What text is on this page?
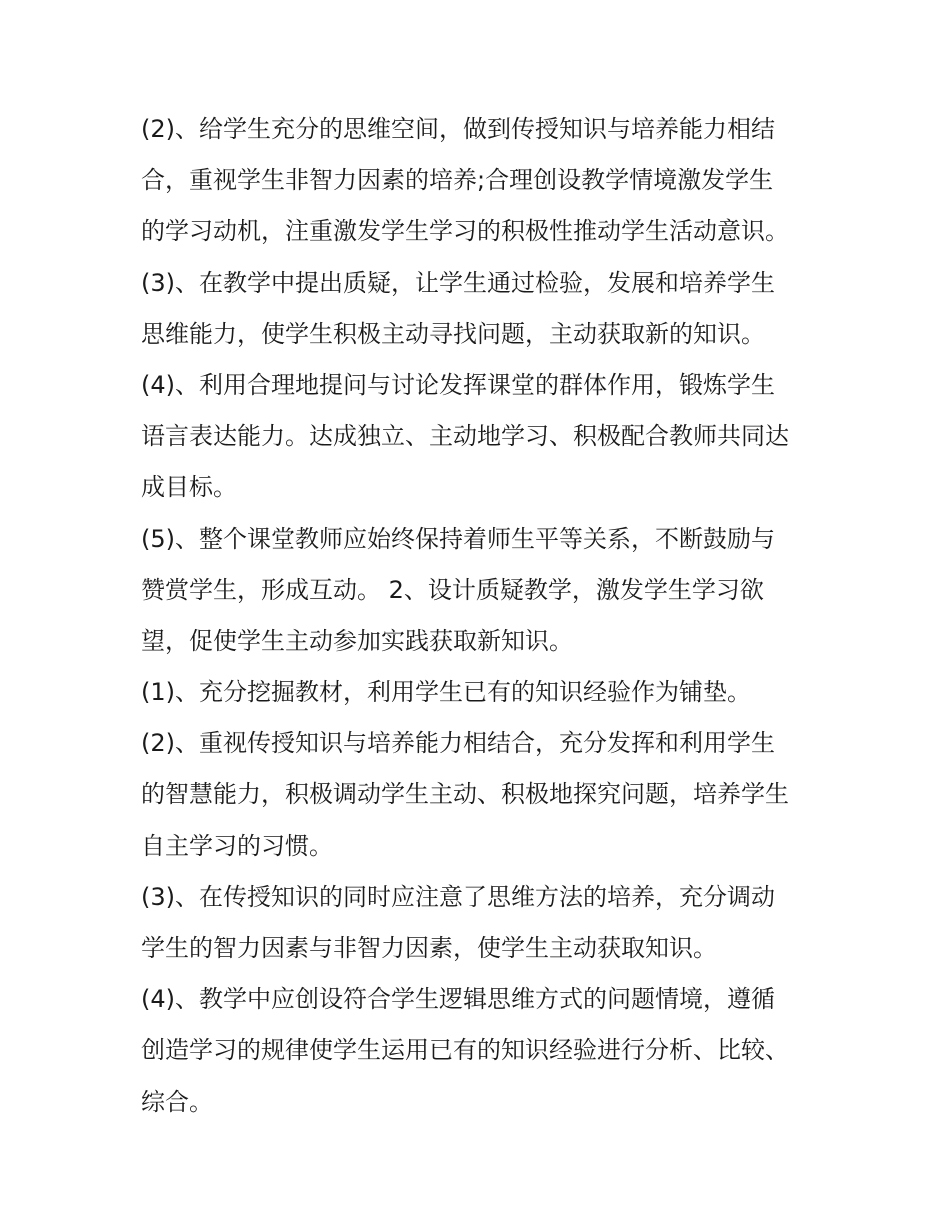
(2)、给学生充分的思维空间，做到传授知识与培养能力相结
合，重视学生非智力因素的培养;合理创设教学情境激发学生
的学习动机，注重激发学生学习的积极性推动学生活动意识。
(3)、在教学中提出质疑，让学生通过检验，发展和培养学生
思维能力，使学生积极主动寻找问题，主动获取新的知识。
(4)、利用合理地提问与讨论发挥课堂的群体作用，锻炼学生
语言表达能力。达成独立、主动地学习、积极配合教师共同达
成目标。
(5)、整个课堂教师应始终保持着师生平等关系，不断鼓励与
赞赏学生，形成互动。 2、设计质疑教学，激发学生学习欲
望，促使学生主动参加实践获取新知识。
(1)、充分挖掘教材，利用学生已有的知识经验作为铺垫。
(2)、重视传授知识与培养能力相结合，充分发挥和利用学生
的智慧能力，积极调动学生主动、积极地探究问题，培养学生
自主学习的习惯。
(3)、在传授知识的同时应注意了思维方法的培养，充分调动
学生的智力因素与非智力因素，使学生主动获取知识。
(4)、教学中应创设符合学生逻辑思维方式的问题情境，遵循
创造学习的规律使学生运用已有的知识经验进行分析、比较、
综合。
